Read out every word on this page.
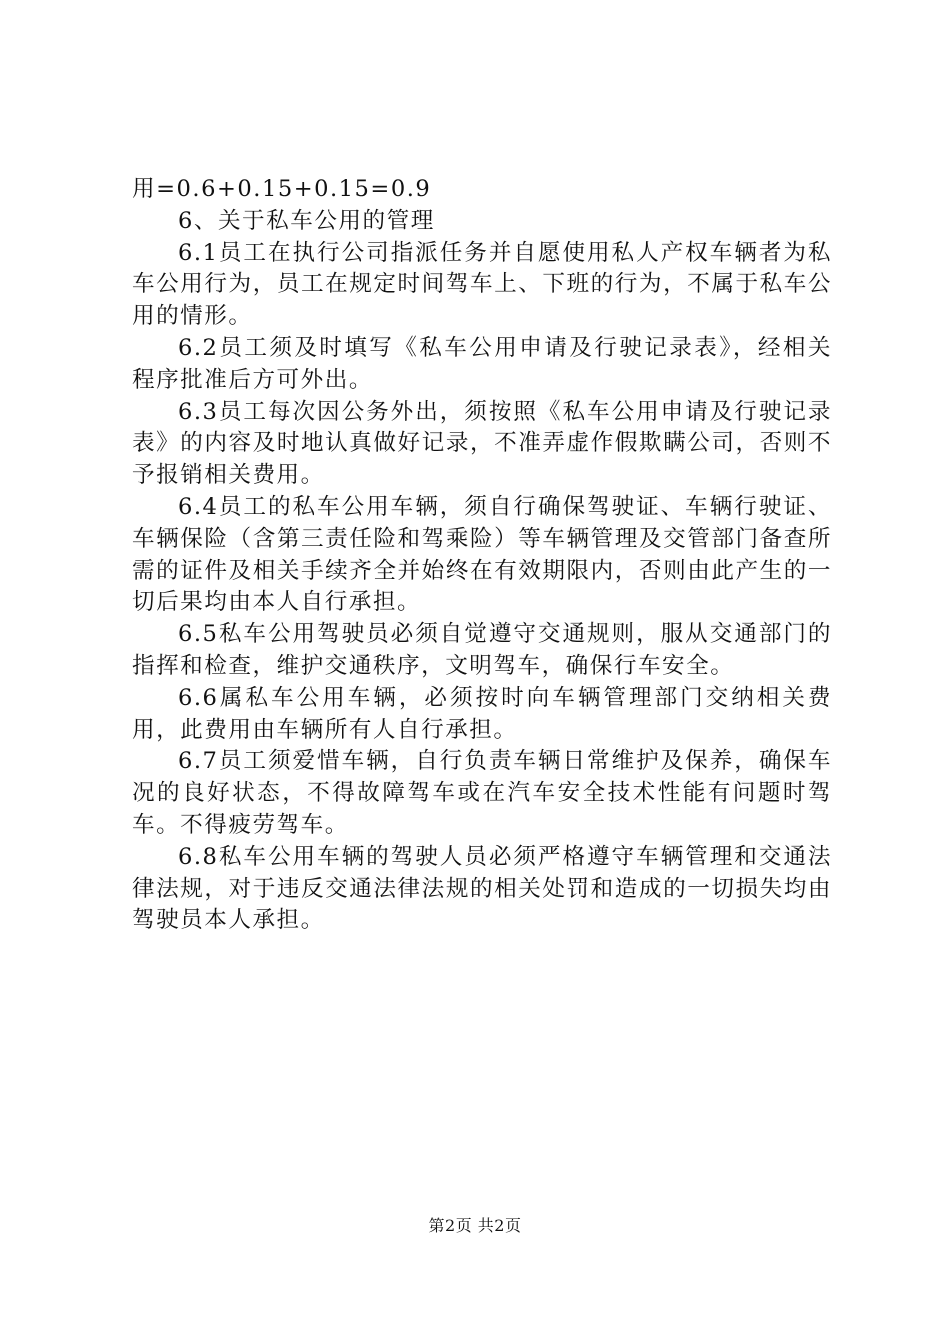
用=0.6+0.15+0.15=0.9

6、关于私车公用的管理

6.1员工在执行公司指派任务并自愿使用私人产权车辆者为私车公用行为，员工在规定时间驾车上、下班的行为，不属于私车公用的情形。

6.2员工须及时填写《私车公用申请及行驶记录表》，经相关程序批准后方可外出。

6.3员工每次因公务外出，须按照《私车公用申请及行驶记录表》的内容及时地认真做好记录，不准弄虚作假欺瞒公司，否则不予报销相关费用。

6.4员工的私车公用车辆，须自行确保驾驶证、车辆行驶证、车辆保险（含第三责任险和驾乘险）等车辆管理及交管部门备查所需的证件及相关手续齐全并始终在有效期限内，否则由此产生的一切后果均由本人自行承担。

6.5私车公用驾驶员必须自觉遵守交通规则，服从交通部门的指挥和检查，维护交通秩序，文明驾车，确保行车安全。

6.6属私车公用车辆，必须按时向车辆管理部门交纳相关费用，此费用由车辆所有人自行承担。

6.7员工须爱惜车辆，自行负责车辆日常维护及保养，确保车况的良好状态，不得故障驾车或在汽车安全技术性能有问题时驾车。不得疲劳驾车。

6.8私车公用车辆的驾驶人员必须严格遵守车辆管理和交通法律法规，对于违反交通法律法规的相关处罚和造成的一切损失均由驾驶员本人承担。

第2页 共2页
